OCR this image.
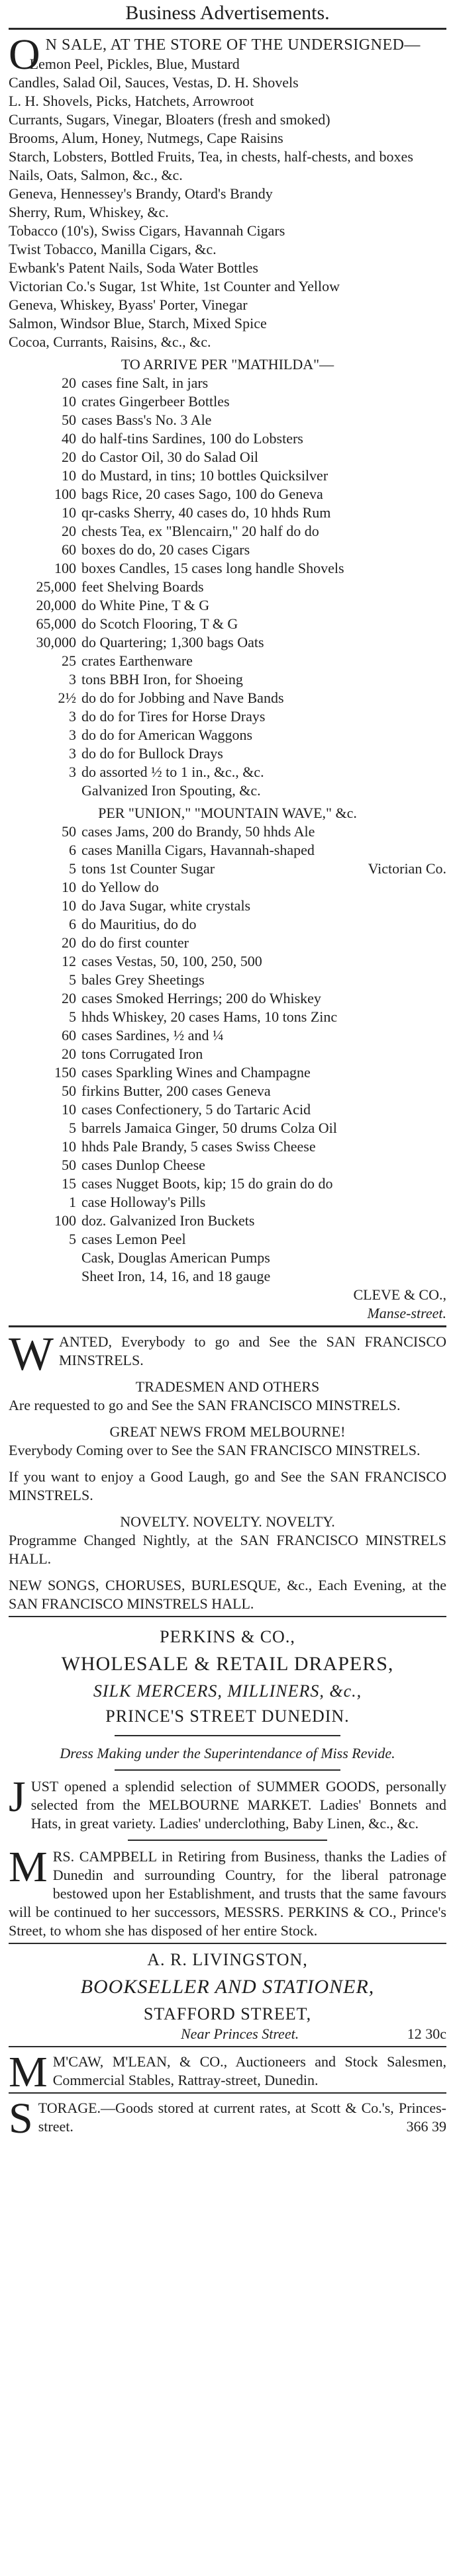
Business Advertisements.
O N SALE, AT THE STORE OF THE UNDERSIGNED—
Lemon Peel, Pickles, Blue, Mustard
Candles, Salad Oil, Sauces, Vestas, D. H. Shovels
L. H. Shovels, Picks, Hatchets, Arrowroot
Currants, Sugars, Vinegar, Bloaters (fresh and smoked)
Brooms, Alum, Honey, Nutmegs, Cape Raisins
Starch, Lobsters, Bottled Fruits, Tea, in chests, half-chests, and boxes
Nails, Oats, Salmon, &c., &c.
Geneva, Hennessey's Brandy, Otard's Brandy
Sherry, Rum, Whiskey, &c.
Tobacco (10's), Swiss Cigars, Havannah Cigars
Twist Tobacco, Manilla Cigars, &c.
Ewbank's Patent Nails, Soda Water Bottles
Victorian Co.'s Sugar, 1st White, 1st Counter and Yellow
Geneva, Whiskey, Byass' Porter, Vinegar
Salmon, Windsor Blue, Starch, Mixed Spice
Cocoa, Currants, Raisins, &c., &c.
TO ARRIVE PER "MATHILDA"—
20 cases fine Salt, in jars
10 crates Gingerbeer Bottles
50 cases Bass's No. 3 Ale
40 do half-tins Sardines, 100 do Lobsters
20 do Castor Oil, 30 do Salad Oil
10 do Mustard, in tins; 10 bottles Quicksilver
100 bags Rice, 20 cases Sago, 100 do Geneva
10 qr-casks Sherry, 40 cases do, 10 hhds Rum
20 chests Tea, ex "Blencairn," 20 half do do
60 boxes do do, 20 cases Cigars
100 boxes Candles, 15 cases long handle Shovels
25,000 feet Shelving Boards
20,000 do White Pine, T & G
65,000 do Scotch Flooring, T & G
30,000 do Quartering; 1,300 bags Oats
25 crates Earthenware
3 tons BBH Iron, for Shoeing
2½ do do for Jobbing and Nave Bands
3 do do for Tires for Horse Drays
3 do do for American Waggons
3 do do for Bullock Drays
3 do assorted ½ to 1 in., &c., &c.
Galvanized Iron Spouting, &c.
PER "UNION," "MOUNTAIN WAVE," &c.
50 cases Jams, 200 do Brandy, 50 hhds Ale
6 cases Manilla Cigars, Havannah-shaped
5 tons 1st Counter Sugar	Victorian Co.
10 do Yellow do
10 do Java Sugar, white crystals
6 do Mauritius, do do
20 do do first counter
12 cases Vestas, 50, 100, 250, 500
5 bales Grey Sheetings
20 cases Smoked Herrings; 200 do Whiskey
5 hhds Whiskey, 20 cases Hams, 10 tons Zinc
60 cases Sardines, ½ and ¼
20 tons Corrugated Iron
150 cases Sparkling Wines and Champagne
50 firkins Butter, 200 cases Geneva
10 cases Confectionery, 5 do Tartaric Acid
5 barrels Jamaica Ginger, 50 drums Colza Oil
10 hhds Pale Brandy, 5 cases Swiss Cheese
50 cases Dunlop Cheese
15 cases Nugget Boots, kip; 15 do grain do do
1 case Holloway's Pills
100 doz. Galvanized Iron Buckets
5 cases Lemon Peel
Cask, Douglas American Pumps
Sheet Iron, 14, 16, and 18 gauge
CLEVE & CO.,
Manse-street.
WANTED, Everybody to go and See the SAN FRANCISCO MINSTRELS.
TRADESMEN AND OTHERS
Are requested to go and See the SAN FRANCISCO MINSTRELS.
GREAT NEWS FROM MELBOURNE!
Everybody Coming over to See the SAN FRANCISCO MINSTRELS.
If you want to enjoy a Good Laugh, go and See the SAN FRANCISCO MINSTRELS.
NOVELTY. NOVELTY. NOVELTY.
Programme Changed Nightly, at the SAN FRANCISCO MINSTRELS HALL.
NEW SONGS, CHORUSES, BURLESQUE, &c., Each Evening, at the SAN FRANCISCO MINSTRELS HALL.
PERKINS & CO.,
WHOLESALE & RETAIL DRAPERS,
SILK MERCERS, MILLINERS, &c.,
PRINCE'S STREET DUNEDIN.
Dress Making under the Superintendance of Miss Revide.
JUST opened a splendid selection of SUMMER GOODS, personally selected from the MELBOURNE MARKET. Ladies' Bonnets and Hats, in great variety. Ladies' underclothing, Baby Linen, &c., &c.
MRS. CAMPBELL in Retiring from Business, thanks the Ladies of Dunedin and surrounding Country, for the liberal patronage bestowed upon her Establishment, and trusts that the same favours will be continued to her successors, MESSRS. PERKINS & CO., Prince's Street, to whom she has disposed of her entire Stock.
A. R. LIVINGSTON,
BOOKSELLER AND STATIONER,
STAFFORD STREET,
Near Princes Street.	12 30c
M M'CAW, M'LEAN, & CO., Auctioneers and Stock Salesmen, Commercial Stables, Rattray-street, Dunedin.
STORAGE.—Goods stored at current rates, at Scott & Co.'s, Princes-street.	366 39
